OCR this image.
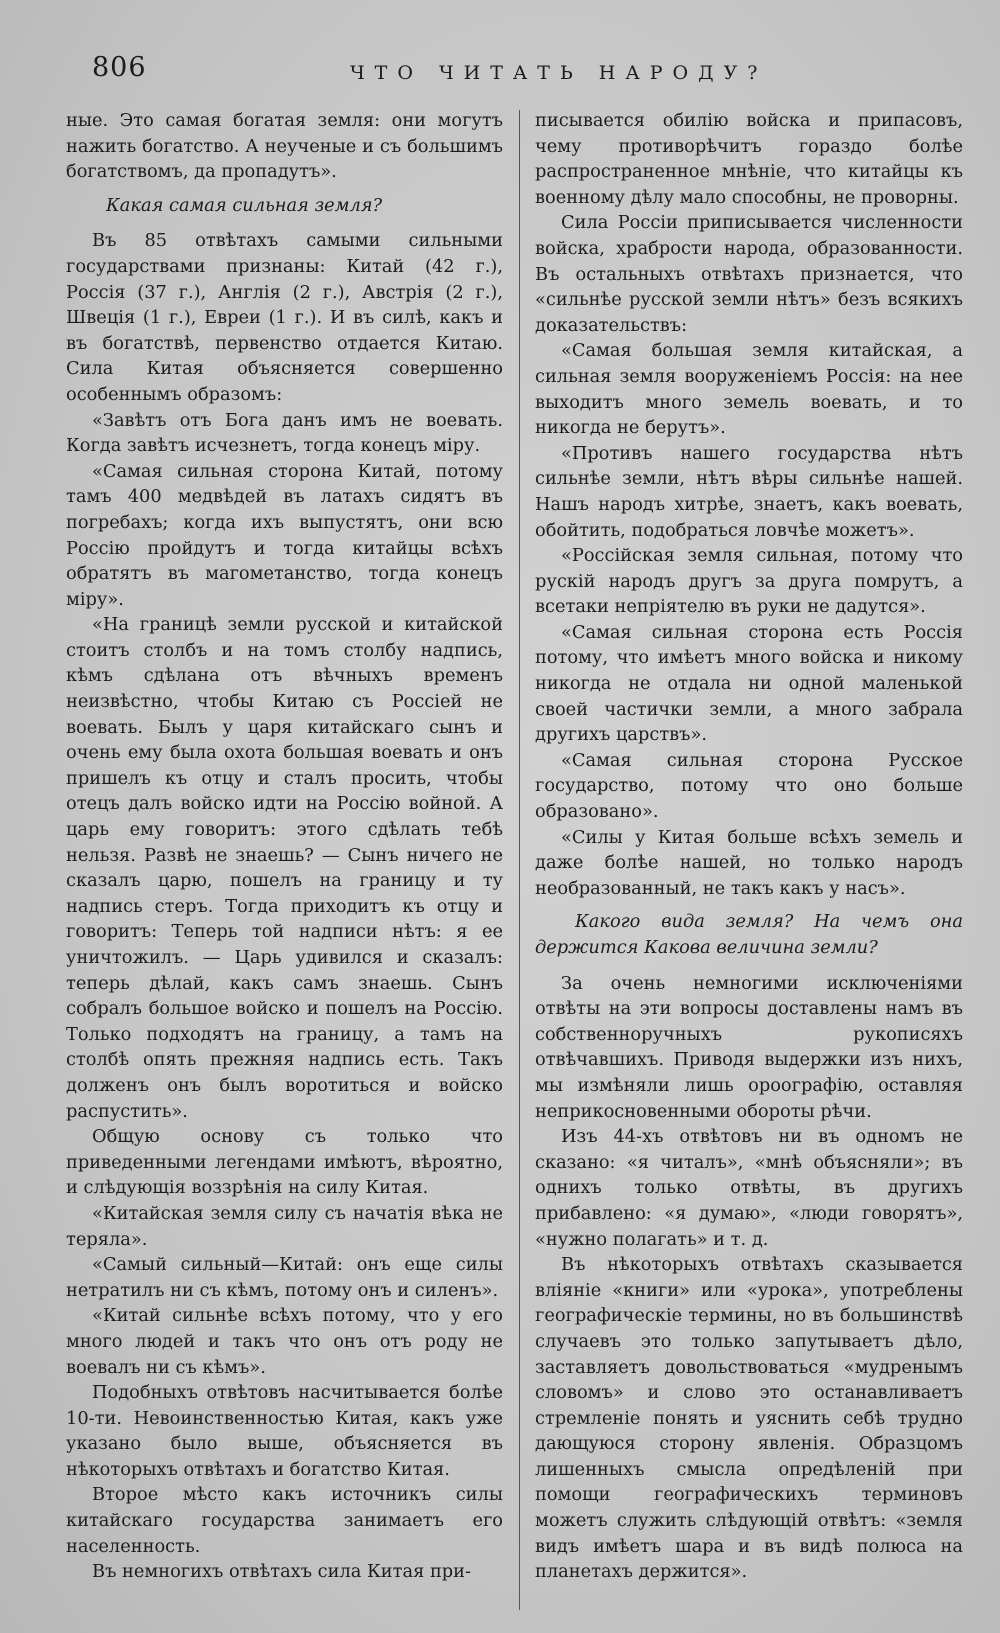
806	ЧТО ЧИТАТЬ НАРОДУ?

ные. Это самая богатая земля: они могутъ нажить богатство. А неученые и съ большимъ богатствомъ, да пропадутъ».

Какая самая сильная земля?

Въ 85 отвѣтахъ самыми сильными государствами признаны: Китай (42 г.), Россія (37 г.), Англія (2 г.), Австрія (2 г.), Швеція (1 г.), Евреи (1 г.). И въ силѣ, какъ и въ богатствѣ, первенство отдается Китаю. Сила Китая объясняется совершенно особеннымъ образомъ:

«Завѣтъ отъ Бога данъ имъ не воевать. Когда завѣтъ исчезнетъ, тогда конецъ міру.

«Самая сильная сторона Китай, потому тамъ 400 медвѣдей въ латахъ сидятъ въ погребахъ; когда ихъ выпустятъ, они всю Россію пройдутъ и тогда китайцы всѣхъ обратятъ въ магометанство, тогда конецъ міру».

«На границѣ земли русской и китайской стоитъ столбъ и на томъ столбу надпись, кѣмъ сдѣлана отъ вѣчныхъ временъ неизвѣстно, чтобы Китаю съ Россіей не воевать. Былъ у царя китайскаго сынъ и очень ему была охота большая воевать и онъ пришелъ къ отцу и сталъ просить, чтобы отецъ далъ войско идти на Россію войной. А царь ему говоритъ: этого сдѣлать тебѣ нельзя. Развѣ не знаешь? — Сынъ ничего не сказалъ царю, пошелъ на границу и ту надпись стеръ. Тогда приходитъ къ отцу и говоритъ: Теперь той надписи нѣтъ: я ее уничтожилъ. — Царь удивился и сказалъ: теперь дѣлай, какъ самъ знаешь. Сынъ собралъ большое войско и пошелъ на Россію. Только подходятъ на границу, а тамъ на столбѣ опять прежняя надпись есть. Такъ долженъ онъ былъ воротиться и войско распустить».

Общую основу съ только что приведенными легендами имѣютъ, вѣроятно, и слѣдующія воззрѣнія на силу Китая.

«Китайская земля силу съ начатія вѣка не теряла».

«Самый сильный—Китай: онъ еще силы нетратилъ ни съ кѣмъ, потому онъ и силенъ».

«Китай сильнѣе всѣхъ потому, что у его много людей и такъ что онъ отъ роду не воевалъ ни съ кѣмъ».

Подобныхъ отвѣтовъ насчитывается болѣе 10-ти. Невоинственностью Китая, какъ уже указано было выше, объясняется въ нѣкоторыхъ отвѣтахъ и богатство Китая.

Второе мѣсто какъ источникъ силы китайскаго государства занимаетъ его населенность.

Въ немногихъ отвѣтахъ сила Китая при-

писывается обилію войска и припасовъ, чему противорѣчитъ гораздо болѣе распространенное мнѣніе, что китайцы къ военному дѣлу мало способны, не проворны.

Сила Россіи приписывается численности войска, храбрости народа, образованности. Въ остальныхъ отвѣтахъ признается, что «сильнѣе русской земли нѣтъ» безъ всякихъ доказательствъ:

«Самая большая земля китайская, а сильная земля вооруженіемъ Россія: на нее выходитъ много земель воевать, и то никогда не берутъ».

«Противъ нашего государства нѣтъ сильнѣе земли, нѣтъ вѣры сильнѣе нашей. Нашъ народъ хитрѣе, знаетъ, какъ воевать, обойтить, подобраться ловчѣе можетъ».

«Россійская земля сильная, потому что рускій народъ другъ за друга помрутъ, а всетаки непріятелю въ руки не дадутся».

«Самая сильная сторона есть Россія потому, что имѣетъ много войска и никому никогда не отдала ни одной маленькой своей частички земли, а много забрала другихъ царствъ».

«Самая сильная сторона Русское государство, потому что оно больше образовано».

«Силы у Китая больше всѣхъ земель и даже болѣе нашей, но только народъ необразованный, не такъ какъ у насъ».

Какого вида земля? На чемъ она держится Какова величина земли?

За очень немногими исключеніями отвѣты на эти вопросы доставлены намъ въ собственноручныхъ рукописяхъ отвѣчавшихъ. Приводя выдержки изъ нихъ, мы измѣняли лишь ороографію, оставляя неприкосновенными обороты рѣчи.

Изъ 44-хъ отвѣтовъ ни въ одномъ не сказано: «я читалъ», «мнѣ объясняли»; въ однихъ только отвѣты, въ другихъ прибавлено: «я думаю», «люди говорятъ», «нужно полагать» и т. д.

Въ нѣкоторыхъ отвѣтахъ сказывается вліяніе «книги» или «урока», употреблены географическіе термины, но въ большинствѣ случаевъ это только запутываетъ дѣло, заставляетъ довольствоваться «мудренымъ словомъ» и слово это останавливаетъ стремленіе понять и уяснить себѣ трудно дающуюся сторону явленія. Образцомъ лишенныхъ смысла опредѣленій при помощи географическихъ терминовъ можетъ служить слѣдующій отвѣтъ: «земля видъ имѣетъ шара и въ видѣ полюса на планетахъ держится».
